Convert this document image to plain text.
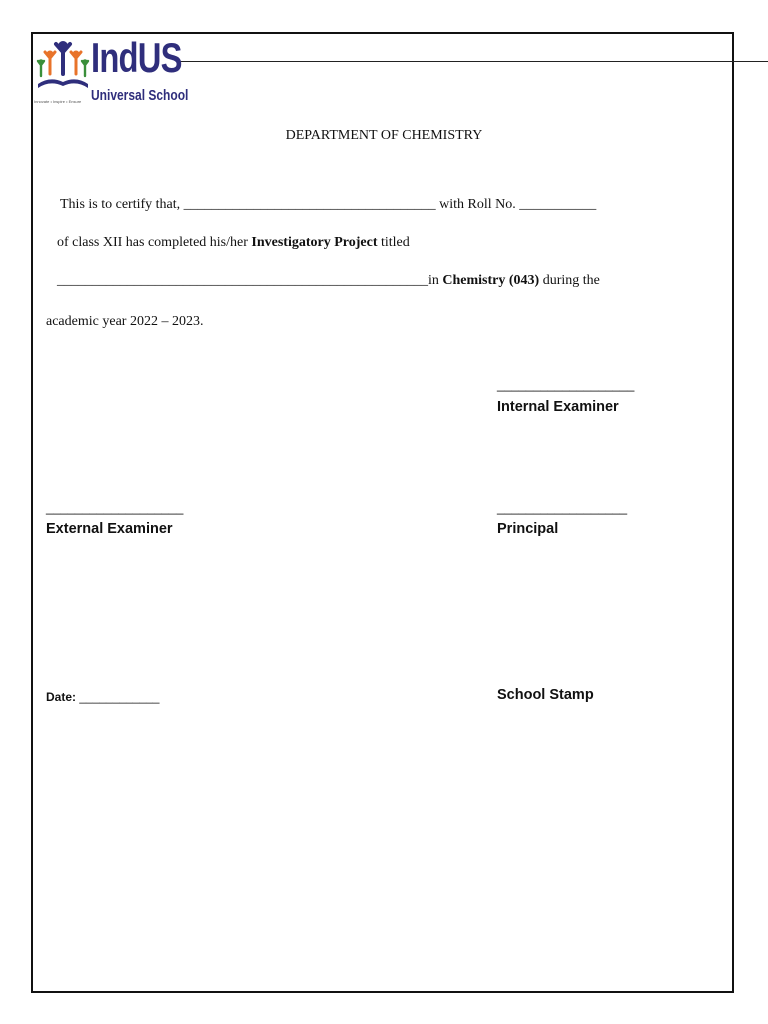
IndUS
Universal School
Innovate • Inspire • Ensure
DEPARTMENT OF CHEMISTRY
This is to certify that, ____________________________________ with Roll No. ___________
of class XII has completed his/her Investigatory Project titled
_____________________________________________________in Chemistry (043) during the
academic year 2022 – 2023.
___________________
Internal Examiner
___________________
External Examiner
__________________
Principal
Date: ____________	School Stamp
